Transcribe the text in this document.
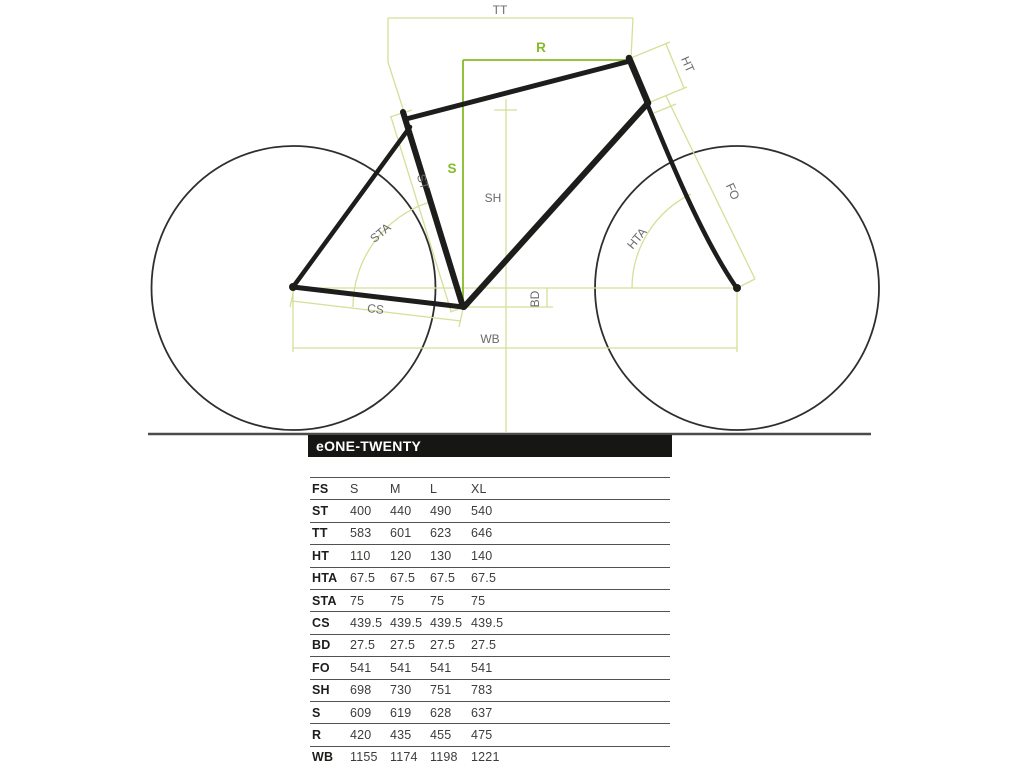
TT
R
S
SH
ST
STA
CS
BD
WB
HT
FO
HTA
eONE-TWENTY
FS	S	M	L	XL
ST	400	440	490	540
TT	583	601	623	646
HT	110	120	130	140
HTA	67.5	67.5	67.5	67.5
STA	75	75	75	75
CS	439.5 439.5 439.5 439.5
BD	27.5	27.5	27.5	27.5
FO	541	541	541	541
SH	698	730	751	783
S	609	619	628	637
R	420	435	455	475
WB	1155 1174 1198	1221
